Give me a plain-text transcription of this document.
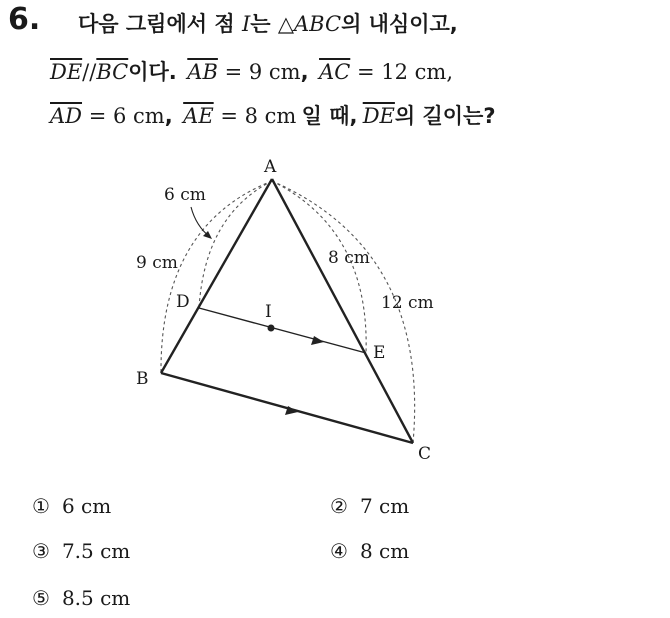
6. 다음 그림에서 점 I는 △ABC의 내심이고,
$\overline{DE}//\overline{BC}$이다. $\overline{AB} = 9$ cm, $\overline{AC} = 12$ cm,
$\overline{AD} = 6$ cm, $\overline{AE} = 8$ cm 일 때, $\overline{DE}$의 길이는?
A
B
C
D
E
I
6 cm
9 cm	8 cm
12 cm
① 6 cm	② 7 cm
③ 7.5 cm	④ 8 cm
⑤ 8.5 cm
